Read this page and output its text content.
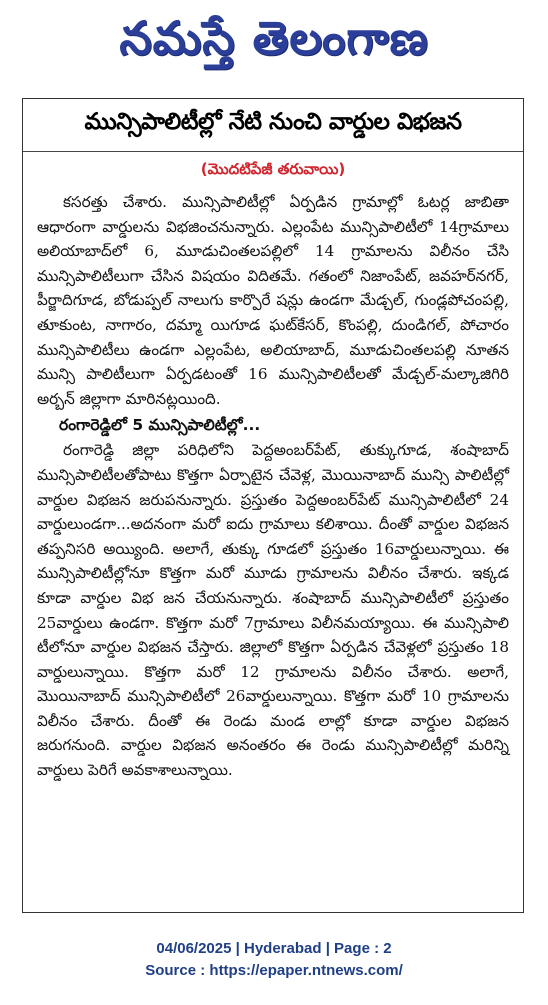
నమస్తే తెలంగాణ
మున్సిపాలిటీల్లో నేటి నుంచి వార్డుల విభజన
(మొదటిపేజీ తరువాయి)

కసరత్తు చేశారు. మున్సిపాలిటీల్లో ఏర్పడిన గ్రామాల్లో ఓటర్ల జాబితా ఆధారంగా వార్డులను విభజించనున్నారు. ఎల్లంపేట మున్సిపాలిటీలో 14గ్రామాలు అలియాబాద్‌లో 6, మూడుచింతలపల్లిలో 14 గ్రామాలను విలీనం చేసి మున్సిపాలిటీలుగా చేసిన విషయం విదితమే. గతంలో నిజాంపేట్, జవహర్‌నగర్, పీర్జాదిగూడ, బోడుప్పల్ నాలుగు కార్పొరే షన్లు ఉండగా మేడ్చల్, గుండ్లపోచంపల్లి, తూకుంట, నాగారం, దమ్మా యిగూడ ఘట్‌కేసర్, కొంపల్లి, దుండిగల్, పోచారం మున్సిపాలిటీలు ఉండగా ఎల్లంపేట, అలియాబాద్, మూడుచింతలపల్లి నూతన మున్సి పాలిటీలుగా ఏర్పడటంతో 16 మున్సిపాలిటీలతో మేడ్చల్-మల్కాజిగిరి అర్బన్ జిల్లాగా మారినట్లయింది.

రంగారెడ్డిలో 5 మున్సిపాలిటీల్లో...

రంగారెడ్డి జిల్లా పరిధిలోని పెద్దఅంబర్‌పేట్, తుక్కుగూడ, శంషాబాద్ మున్సిపాలిటీలతోపాటు కొత్తగా ఏర్పాటైన చేవెళ్ల, మొయినాబాద్ మున్సి పాలిటీల్లో వార్డుల విభజన జరుపనున్నారు. ప్రస్తుతం పెద్దఅంబర్‌పేట్ మున్సిపాలిటీలో 24 వార్డులుండగా...అదనంగా మరో ఐదు గ్రామాలు కలిశాయి. దీంతో వార్డుల విభజన తప్పనిసరి అయ్యింది. అలాగే, తుక్కు గూడలో ప్రస్తుతం 16వార్డులున్నాయి. ఈ మున్సిపాలిటీల్లోనూ కొత్తగా మరో మూడు గ్రామాలను విలీనం చేశారు. ఇక్కడ కూడా వార్డుల విభ జన చేయనున్నారు. శంషాబాద్ మున్సిపాలిటీలో ప్రస్తుతం 25వార్డులు ఉండగా. కొత్తగా మరో 7గ్రామాలు విలీనమయ్యాయి. ఈ మున్సిపాలి టీలోనూ వార్డుల విభజన చేస్తారు. జిల్లాలో కొత్తగా ఏర్పడిన చేవెళ్లలో ప్రస్తుతం 18 వార్డులున్నాయి. కొత్తగా మరో 12 గ్రామాలను విలీనం చేశారు. అలాగే, మొయినాబాద్ మున్సిపాలిటీలో 26వార్డులున్నాయి. కొత్తగా మరో 10 గ్రామాలను విలీనం చేశారు. దీంతో ఈ రెండు మండ లాల్లో కూడా వార్డుల విభజన జరుగనుంది. వార్డుల విభజన అనంతరం ఈ రెండు మున్సిపాలిటీల్లో మరిన్ని వార్డులు పెరిగే అవకాశాలున్నాయి.

04/06/2025 | Hyderabad | Page : 2
Source : https://epaper.ntnews.com/
